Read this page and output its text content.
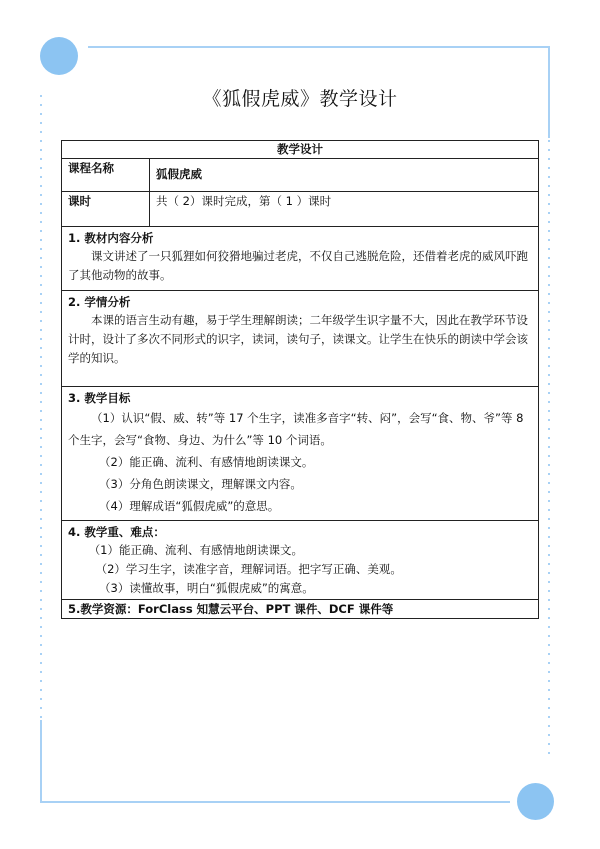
《狐假虎威》教学设计
教学设计	
课程名称	狐假虎威
课时	共（ 2）课时完成，第（ 1 ）课时

1. 教材内容分析
课文讲述了一只狐狸如何狡猾地骗过老虎，不仅自己逃脱危险，还借着老虎的威风吓跑了其他动物的故事。	

2. 学情分析
本课的语言生动有趣，易于学生理解朗读；二年级学生识字量不大，因此在教学环节设计时，设计了多次不同形式的识字，读词，读句子，读课文。让学生在快乐的朗读中学会该学的知识。	

3. 教学目标
（1）认识“假、威、转”等 17 个生字，读准多音字“转、闷”，会写“食、物、爷”等 8 个生字，会写“食物、身边、为什么”等 10 个词语。
（2）能正确、流利、有感情地朗读课文。
（3）分角色朗读课文，理解课文内容。
（4）理解成语“狐假虎威”的意思。	

4. 教学重、难点：
（1）能正确、流利、有感情地朗读课文。
（2）学习生字，读准字音，理解词语。把字写正确、美观。
（3）读懂故事，明白“狐假虎威”的寓意。	

5.教学资源：ForClass 知慧云平台、PPT 课件、DCF 课件等	
